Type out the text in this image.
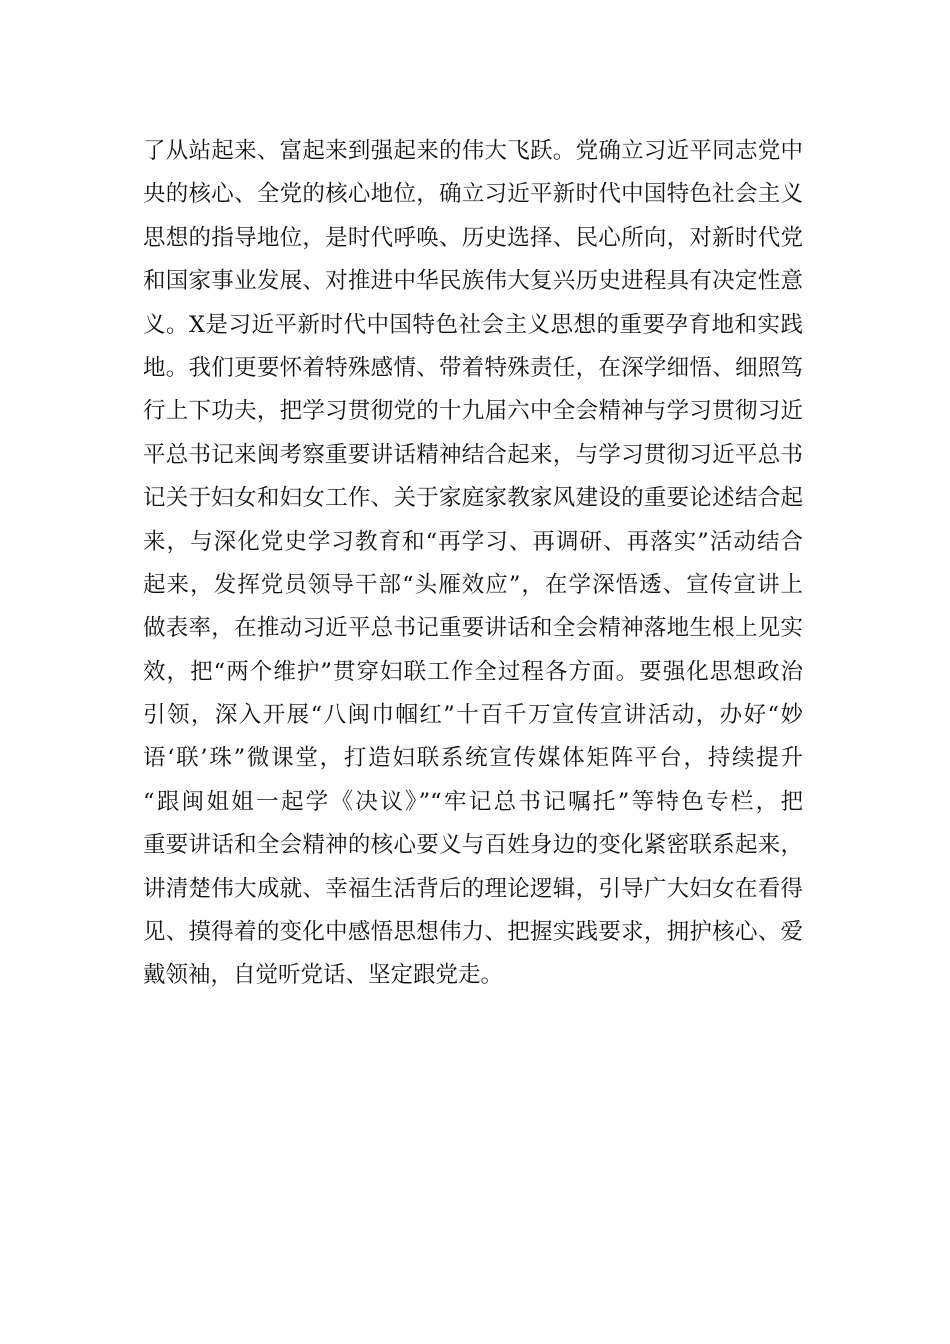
了从站起来、富起来到强起来的伟大飞跃。党确立习近平同志党中
央的核心、全党的核心地位，确立习近平新时代中国特色社会主义
思想的指导地位，是时代呼唤、历史选择、民心所向，对新时代党
和国家事业发展、对推进中华民族伟大复兴历史进程具有决定性意
义。X是习近平新时代中国特色社会主义思想的重要孕育地和实践
地。我们更要怀着特殊感情、带着特殊责任，在深学细悟、细照笃
行上下功夫，把学习贯彻党的十九届六中全会精神与学习贯彻习近
平总书记来闽考察重要讲话精神结合起来，与学习贯彻习近平总书
记关于妇女和妇女工作、关于家庭家教家风建设的重要论述结合起
来，与深化党史学习教育和“再学习、再调研、再落实”活动结合
起来，发挥党员领导干部“头雁效应”，在学深悟透、宣传宣讲上
做表率，在推动习近平总书记重要讲话和全会精神落地生根上见实
效，把“两个维护”贯穿妇联工作全过程各方面。要强化思想政治
引领，深入开展“八闽巾帼红”十百千万宣传宣讲活动，办好“妙
语‘联’珠”微课堂，打造妇联系统宣传媒体矩阵平台，持续提升
“跟闽姐姐一起学《决议》”“牢记总书记嘱托”等特色专栏，把
重要讲话和全会精神的核心要义与百姓身边的变化紧密联系起来，
讲清楚伟大成就、幸福生活背后的理论逻辑，引导广大妇女在看得
见、摸得着的变化中感悟思想伟力、把握实践要求，拥护核心、爱
戴领袖，自觉听党话、坚定跟党走。
